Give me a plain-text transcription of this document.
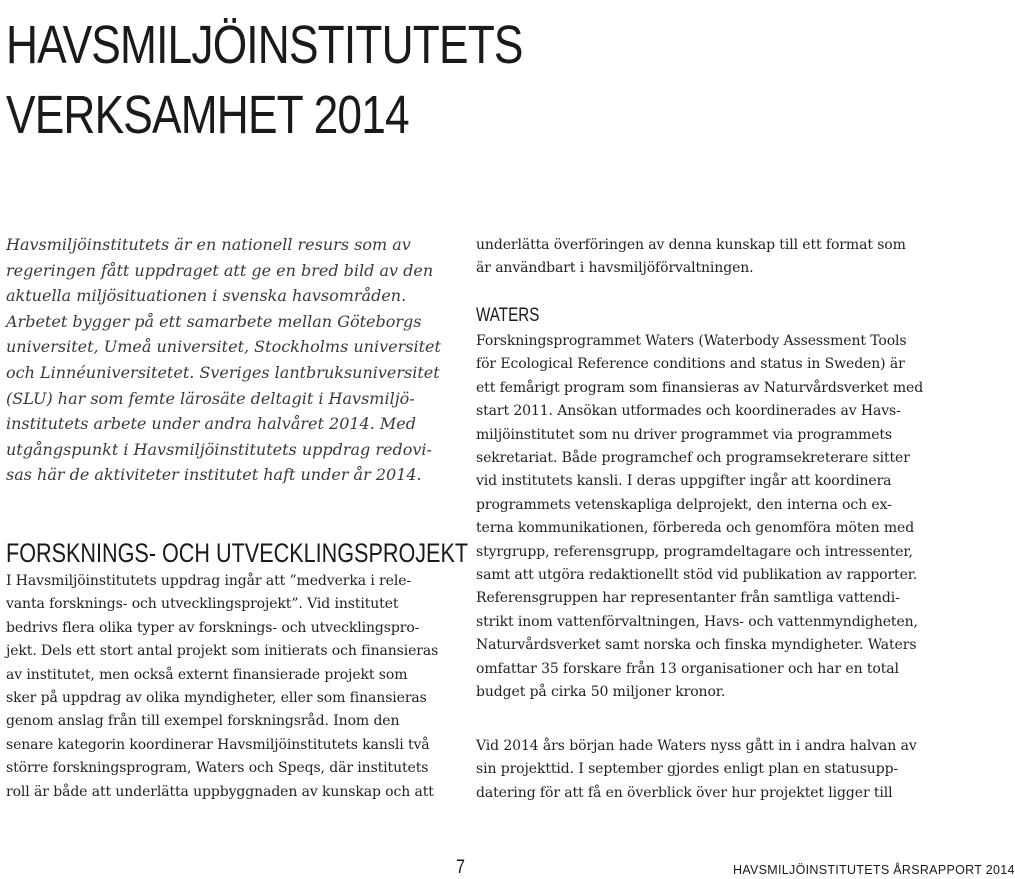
HAVSMILJÖINSTITUTETS
VERKSAMHET 2014
Havsmiljöinstitutets är en nationell resurs som av
regeringen fått uppdraget att ge en bred bild av den
aktuella miljösituationen i svenska havsområden.
Arbetet bygger på ett samarbete mellan Göteborgs
universitet, Umeå universitet, Stockholms universitet
och Linnéuniversitetet. Sveriges lantbruksuniversitet
(SLU) har som femte lärosäte deltagit i Havsmiljö-
institutets arbete under andra halvåret 2014. Med
utgångspunkt i Havsmiljöinstitutets uppdrag redovi-
sas här de aktiviteter institutet haft under år 2014.
FORSKNINGS- OCH UTVECKLINGSPROJEKT
I Havsmiljöinstitutets uppdrag ingår att ”medverka i rele-
vanta forsknings- och utvecklingsprojekt”. Vid institutet
bedrivs flera olika typer av forsknings- och utvecklingspro-
jekt. Dels ett stort antal projekt som initierats och finansieras
av institutet, men också externt finansierade projekt som
sker på uppdrag av olika myndigheter, eller som finansieras
genom anslag från till exempel forskningsråd. Inom den
senare kategorin koordinerar Havsmiljöinstitutets kansli två
större forskningsprogram, Waters och Speqs, där institutets
roll är både att underlätta uppbyggnaden av kunskap och att
underlätta överföringen av denna kunskap till ett format som
är användbart i havsmiljöförvaltningen.
WATERS
Forskningsprogrammet Waters (Waterbody Assessment Tools
för Ecological Reference conditions and status in Sweden) är
ett femårigt program som finansieras av Naturvårdsverket med
start 2011. Ansökan utformades och koordinerades av Havs-
miljöinstitutet som nu driver programmet via programmets
sekretariat. Både programchef och programsekreterare sitter
vid institutets kansli. I deras uppgifter ingår att koordinera
programmets vetenskapliga delprojekt, den interna och ex-
terna kommunikationen, förbereda och genomföra möten med
styrgrupp, referensgrupp, programdeltagare och intressenter,
samt att utgöra redaktionellt stöd vid publikation av rapporter.
Referensgruppen har representanter från samtliga vattendi-
strikt inom vattenförvaltningen, Havs- och vattenmyndigheten,
Naturvårdsverket samt norska och finska myndigheter. Waters
omfattar 35 forskare från 13 organisationer och har en total
budget på cirka 50 miljoner kronor.
Vid 2014 års början hade Waters nyss gått in i andra halvan av
sin projekttid. I september gjordes enligt plan en statusupp-
datering för att få en överblick över hur projektet ligger till

7	HAVSMILJÖINSTITUTETS ÅRSRAPPORT 2014
